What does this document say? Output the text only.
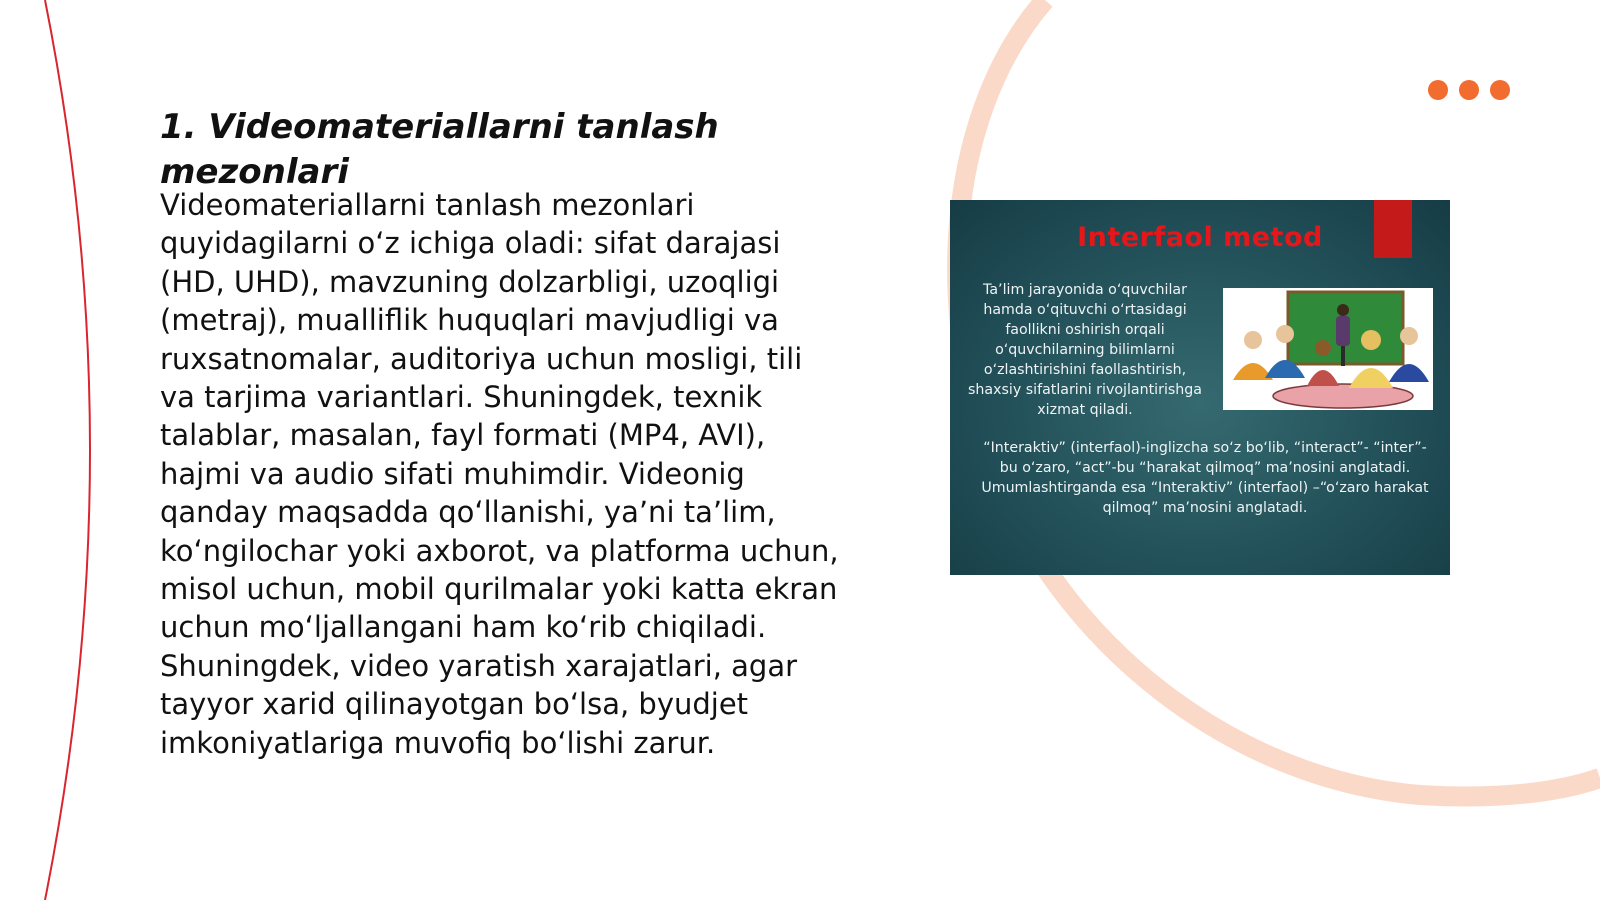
1. Videomateriallarni tanlash mezonlari

Videomateriallarni tanlash mezonlari quyidagilarni o‘z ichiga oladi: sifat darajasi (HD, UHD), mavzuning dolzarbligi, uzoqligi (metraj), mualliflik huquqlari mavjudligi va ruxsatnomalar, auditoriya uchun mosligi, tili va tarjima variantlari. Shuningdek, texnik talablar, masalan, fayl formati (MP4, AVI), hajmi va audio sifati muhimdir. Videonig qanday maqsadda qo‘llanishi, ya’ni ta’lim, ko‘ngilochar yoki axborot, va platforma uchun, misol uchun, mobil qurilmalar yoki katta ekran uchun mo‘ljallangani ham ko‘rib chiqiladi. Shuningdek, video yaratish xarajatlari, agar tayyor xarid qilinayotgan bo‘lsa, byudjet imkoniyatlariga muvofiq bo‘lishi zarur.

Interfaol metod

Ta’lim jarayonida o‘quvchilar hamda o‘qituvchi o‘rtasidagi faollikni oshirish orqali o‘quvchilarning bilimlarni o‘zlashtirishini faollashtirish, shaxsiy sifatlarini rivojlantirishga xizmat qiladi.

“Interaktiv” (interfaol)-inglizcha so‘z bo‘lib, “interact”- “inter”-bu o‘zaro, “act”-bu “harakat qilmoq” ma’nosini anglatadi. Umumlashtirganda esa “Interaktiv” (interfaol) –“o‘zaro harakat qilmoq” ma’nosini anglatadi.
